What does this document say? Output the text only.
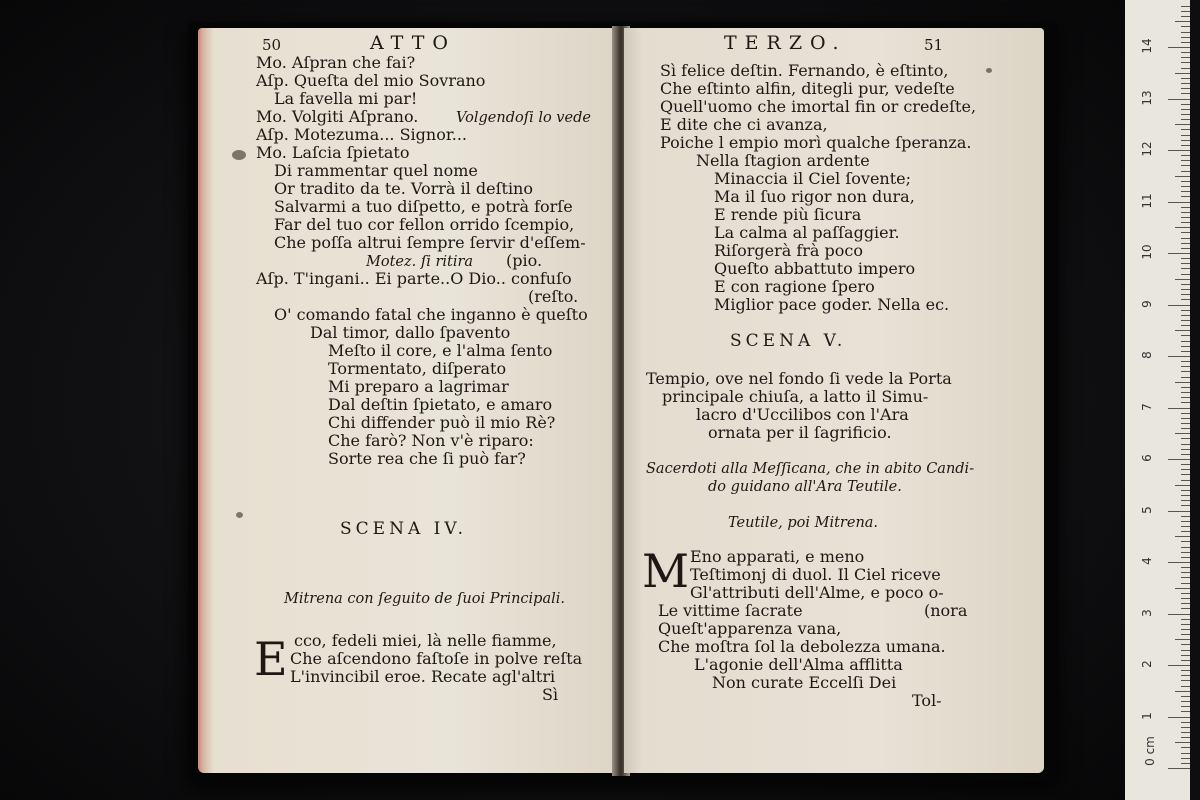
50	ATTO
Mo. Aſpran che fai?
Aſp. Queſta del mio Sovrano
La favella mi par!
Mo. Volgiti Aſprano.	Volgendoſi lo vede
Aſp. Motezuma... Signor...
Mo. Laſcia ſpietato
Di rammentar quel nome
Or tradito da te. Vorrà il deſtino
Salvarmi a tuo diſpetto, e potrà forſe
Far del tuo cor fellon orrido ſcempio,
Che poſſa altrui ſempre ſervir d'eſſem-
Motez. ſi ritira (pio.
Aſp. T'ingani.. Ei parte..O Dio.. confuſo
(reſto.
O' comando fatal che inganno è queſto
Dal timor, dallo ſpavento
Meſto il core, e l'alma ſento
Tormentato, diſperato
Mi preparo a lagrimar
Dal deſtin ſpietato, e amaro
Chi diffender può il mio Rè?
Che farò? Non v'è riparo:
Sorte rea che ſi può far?
SCENA IV.
Mitrena con ſeguito de ſuoi Principali.
E cco, fedeli miei, là nelle fiamme,
Che aſcendono faſtoſe in polve reſta
L'invincibil eroe. Recate agl'altri
Sì
TERZO.	51
Sì felice deſtin. Fernando, è eſtinto,
Che eſtinto alfin, ditegli pur, vedeſte
Quell'uomo che imortal fin or credeſte,
E dite che ci avanza,
Poiche l empio morì qualche ſperanza.
Nella ſtagion ardente
Minaccia il Ciel ſovente;
Ma il ſuo rigor non dura,
E rende più ſicura
La calma al paſſaggier.
Riſorgerà frà poco
Queſto abbattuto impero
E con ragione ſpero
Miglior pace goder. Nella ec.
SCENA V.
Tempio, ove nel fondo ſi vede la Porta
principale chiuſa, a latto il Simu-
lacro d'Uccilibos con l'Ara
ornata per il ſagrificio.
Sacerdoti alla Meſſicana, che in abito Candi-
do guidano all'Ara Teutile.
Teutile, poi Mitrena.
M Eno apparati, e meno
Teſtimonj di duol. Il Ciel riceve
Gl'attributi dell'Alme, e poco o-
Le vittime ſacrate	(nora
Queſt'apparenza vana,
Che moſtra ſol la debolezza umana.
L'agonie dell'Alma afflitta
Non curate Eccelſi Dei
Tol-
0 cm
1
2
3
4
5
6
7
8
9
10
11
12
13
14
